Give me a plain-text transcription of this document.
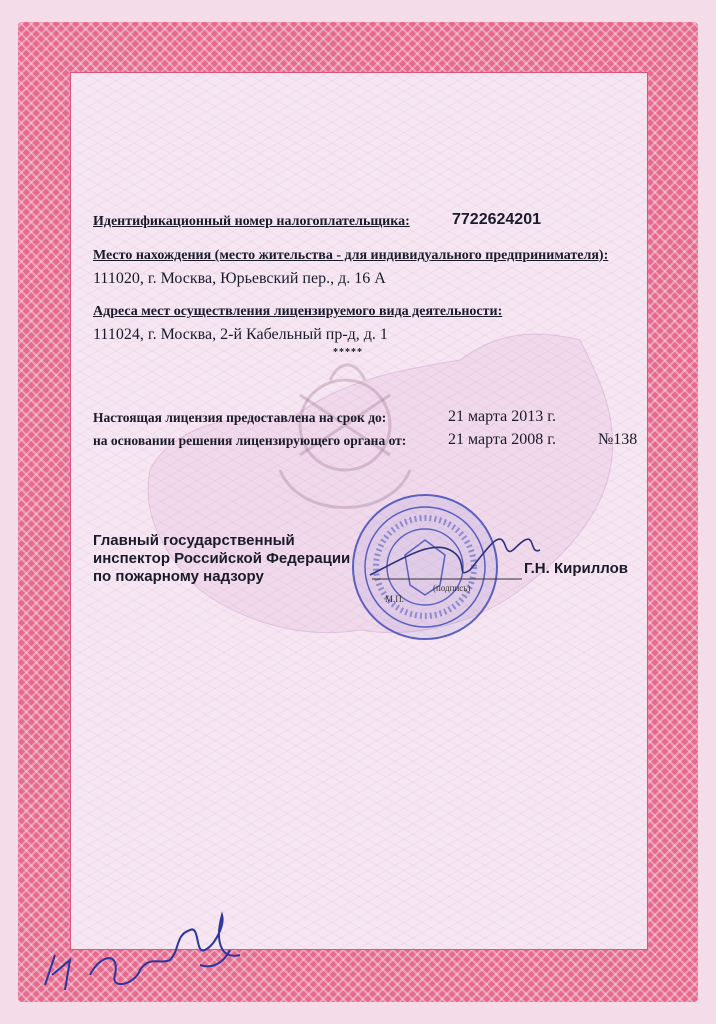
Идентификационный номер налогоплательщика:	7722624201
Место нахождения (место жительства - для индивидуального предпринимателя):
111020, г. Москва, Юрьевский пер., д. 16 А
Адреса мест осуществления лицензируемого вида деятельности:
111024, г. Москва, 2-й Кабельный пр-д, д. 1
*****
Настоящая лицензия предоставлена на срок до:	21 марта 2013 г.
на основании решения лицензирующего органа от:	21 марта 2008 г.	№138
Главный государственный
инспектор Российской Федерации
по пожарному надзору	Г.Н. Кириллов
(подпись)
М.П.
